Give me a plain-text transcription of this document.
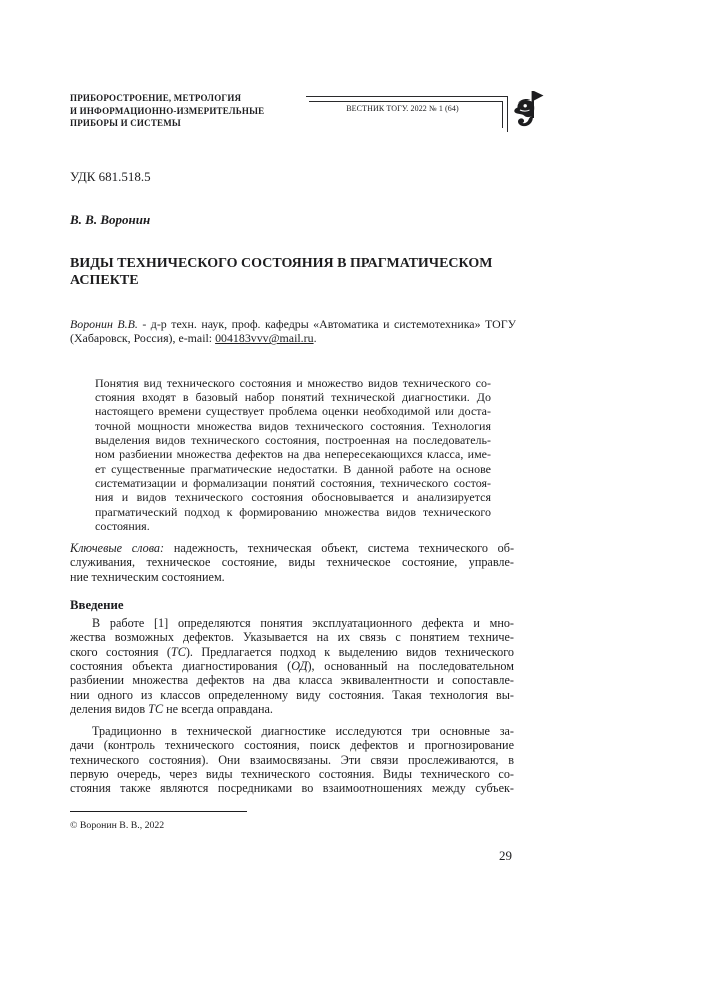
ПРИБОРОСТРОЕНИЕ, МЕТРОЛОГИЯ
И ИНФОРМАЦИОННО-ИЗМЕРИТЕЛЬНЫЕ
ПРИБОРЫ И СИСТЕМЫ
ВЕСТНИК ТОГУ. 2022 № 1 (64)
УДК 681.518.5
В. В. Воронин
ВИДЫ ТЕХНИЧЕСКОГО СОСТОЯНИЯ В ПРАГМАТИЧЕСКОМ
АСПЕКТЕ
Воронин В.В. - д-р техн. наук, проф. кафедры «Автоматика и системотехника» ТОГУ
(Хабаровск, Россия), e-mail: 004183vvv@mail.ru.
Понятия вид технического состояния и множество видов технического со-
стояния входят в базовый набор понятий технической диагностики. До
настоящего времени существует проблема оценки необходимой или доста-
точной мощности множества видов технического состояния. Технология
выделения видов технического состояния, построенная на последователь-
ном разбиении множества дефектов на два непересекающихся класса, име-
ет существенные прагматические недостатки. В данной работе на основе
систематизации и формализации понятий состояния, технического состоя-
ния и видов технического состояния обосновывается и анализируется
прагматический подход к формированию множества видов технического
состояния.
Ключевые слова: надежность, техническая объект, система технического об-
служивания, техническое состояние, виды техническое состояние, управле-
ние техническим состоянием.
Введение
В работе [1] определяются понятия эксплуатационного дефекта и мно-
жества возможных дефектов. Указывается на их связь с понятием техниче-
ского состояния (ТС). Предлагается подход к выделению видов технического
состояния объекта диагностирования (ОД), основанный на последовательном
разбиении множества дефектов на два класса эквивалентности и сопоставле-
нии одного из классов определенному виду состояния. Такая технология вы-
деления видов ТС не всегда оправдана.
Традиционно в технической диагностике исследуются три основные за-
дачи (контроль технического состояния, поиск дефектов и прогнозирование
технического состояния). Они взаимосвязаны. Эти связи прослеживаются, в
первую очередь, через виды технического состояния. Виды технического со-
стояния также являются посредниками во взаимоотношениях между субъек-
© Воронин В. В., 2022
29
